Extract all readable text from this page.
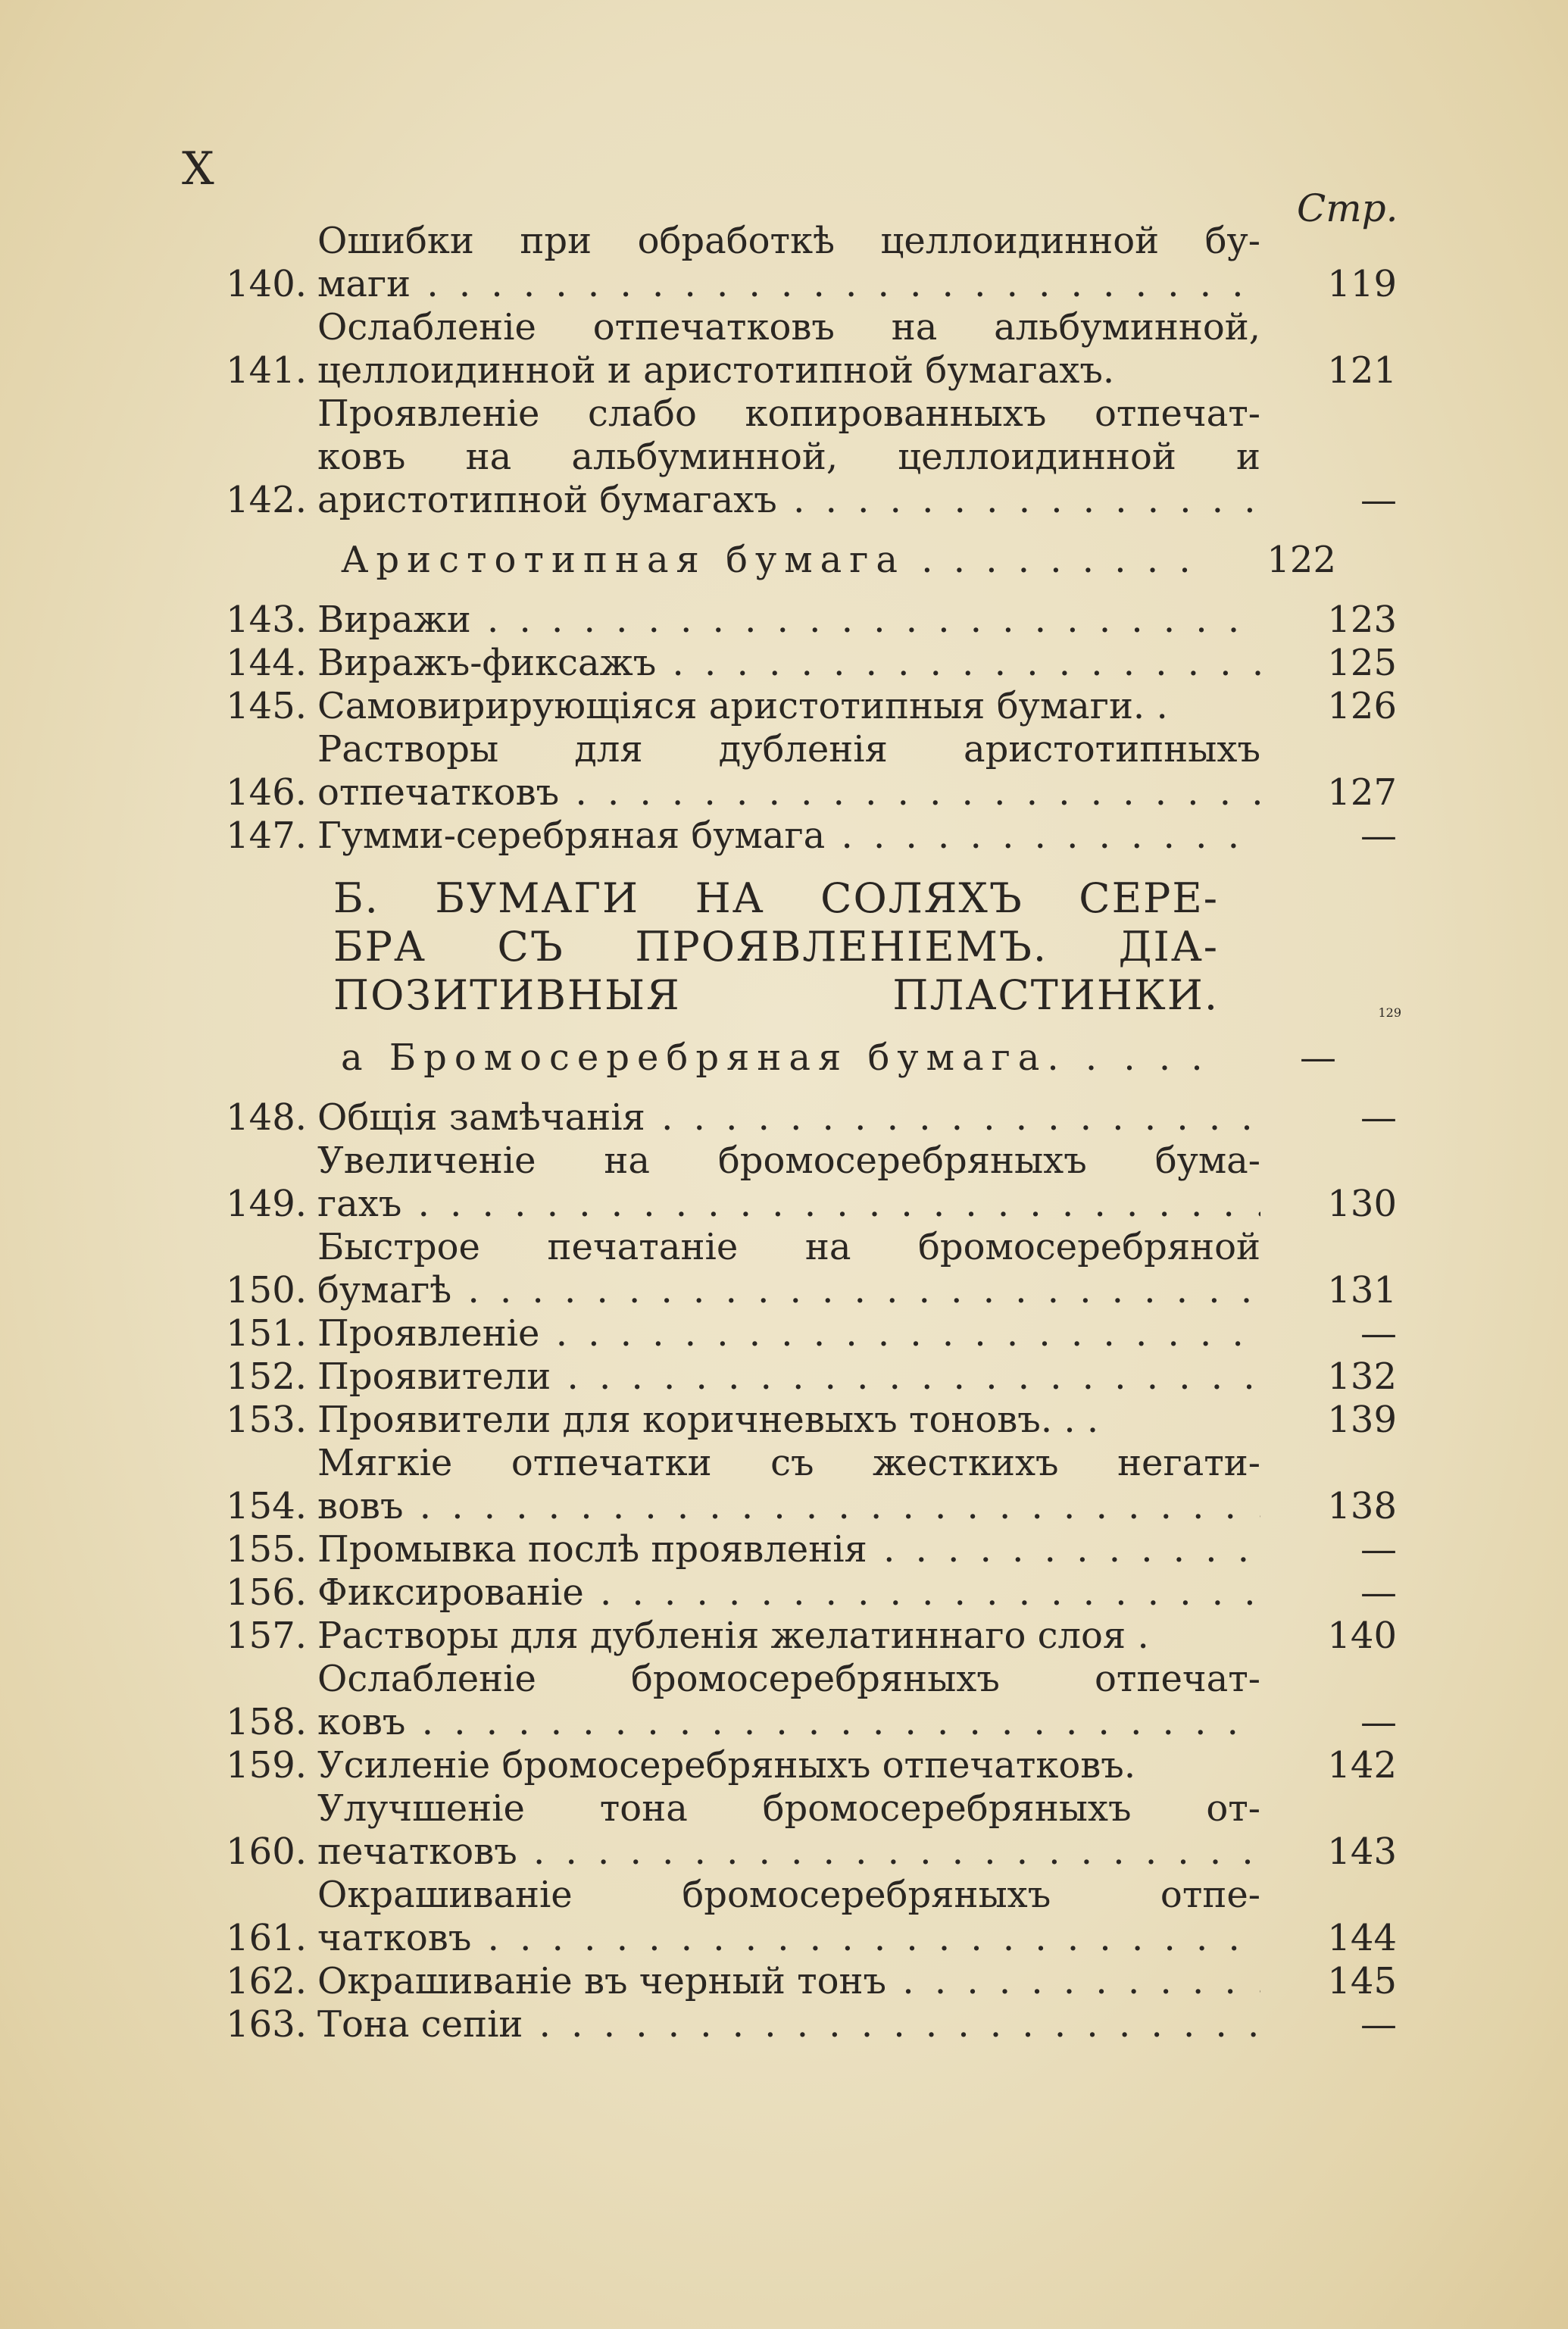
X
Стр.
140.
Ошибки при обработкѣ целлоидинной бу-
маги . . .	119
141.
Ослабленіе отпечатковъ на альбуминной,
целлоидинной и аристотипной бумагахъ.	121
142.
Проявленіе слабо копированныхъ отпечат-
ковъ на альбуминной, целлоидинной и
аристотипной бумагахъ . . .	—
Аристотипная бумага . . .	122
143. Виражи . . .	123
144. Виражъ-фиксажъ . . .	125
145. Самовирирующіяся аристотипныя бумаги. .	126
146.
Растворы для дубленія аристотипныхъ
отпечатковъ . . .	127
147. Гумми-серебряная бумага . . .	—
Б. БУМАГИ НА СОЛЯХЪ СЕРЕ-
БРА СЪ ПРОЯВЛЕНІЕМЪ. ДІА-
ПОЗИТИВНЫЯ ПЛАСТИНКИ.	129
а Бромосеребряная бумага. . . . . .	—
148. Общія замѣчанія . . .	—
149.
Увеличеніе на бромосеребряныхъ бума-
гахъ . . .	130
150.
Быстрое печатаніе на бромосеребряной
бумагѣ . . .	131
151. Проявленіе . . .	—
152. Проявители . . .	132
153. Проявители для коричневыхъ тоновъ. . .	139
154.
Мягкіе отпечатки съ жесткихъ негати-
вовъ . . .	138
155. Промывка послѣ проявленія . . .	—
156. Фиксированіе . . .	—
157. Растворы для дубленія желатиннаго слоя .	140
158.
Ослабленіе бромосеребряныхъ отпечат-
ковъ . . .	—
159. Усиленіе бромосеребряныхъ отпечатковъ.	142
160.
Улучшеніе тона бромосеребряныхъ от-
печатковъ . . .	143
161.
Окрашиваніе бромосеребряныхъ отпе-
чатковъ . . .	144
162. Окрашиваніе въ черный тонъ . . .	145
163. Тона сепіи . . .	—
